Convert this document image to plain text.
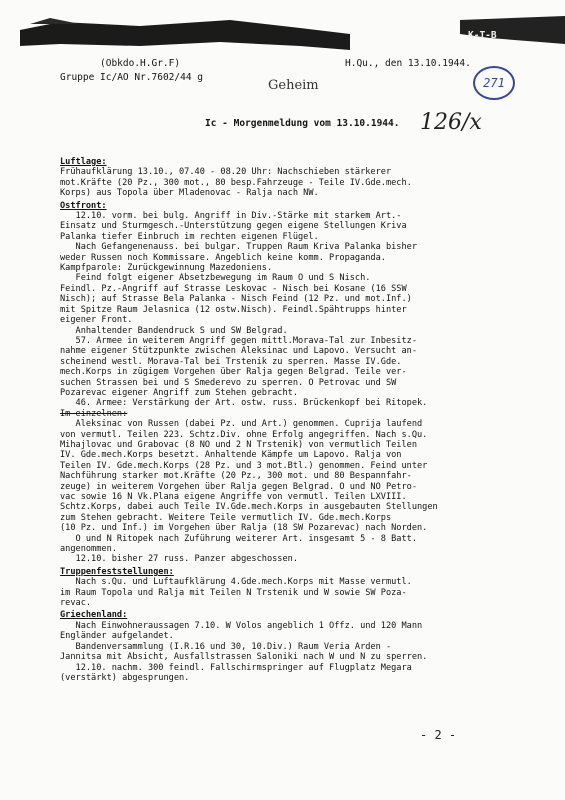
(Obkdo.H.Gr.F)
Gruppe Ic/AO Nr.7602/44 g
H.Qu., den 13.10.1944.
K-T-B
Geheim	271
Ic - Morgenmeldung vom 13.10.1944. 126/x
Luftlage:
Frühaufklärung 13.10., 07.40 - 08.20 Uhr: Nachschieben stärkerer
mot.Kräfte (20 Pz., 300 mot., 80 besp.Fahrzeuge - Teile IV.Gde.mech.
Korps) aus Topola über Mladenovac - Ralja nach NW.
Ostfront:
12.10. vorm. bei bulg. Angriff in Div.-Stärke mit starkem Art.-
Einsatz und Sturmgesch.-Unterstützung gegen eigene Stellungen Kriva
Palanka tiefer Einbruch im rechten eigenen Flügel.
Nach Gefangenenauss. bei bulgar. Truppen Raum Kriva Palanka bisher
weder Russen noch Kommissare. Angeblich keine komm. Propaganda.
Kampfparole: Zurückgewinnung Mazedoniens.
Feind folgt eigener Absetzbewegung im Raum O und S Nisch.
Feindl. Pz.-Angriff auf Strasse Leskovac - Nisch bei Kosane (16 SSW
Nisch); auf Strasse Bela Palanka - Nisch Feind (12 Pz. und mot.Inf.)
mit Spitze Raum Jelasnica (12 ostw.Nisch). Feindl.Spähtrupps hinter
eigener Front.
Anhaltender Bandendruck S und SW Belgrad.
57. Armee in weiterem Angriff gegen mittl.Morava-Tal zur Inbesitz-
nahme eigener Stützpunkte zwischen Aleksinac und Lapovo. Versucht an-
scheinend westl. Morava-Tal bei Trstenik zu sperren. Masse IV.Gde.
mech.Korps in zügigem Vorgehen über Ralja gegen Belgrad. Teile ver-
suchen Strassen bei und S Smederevo zu sperren. O Petrovac und SW
Pozarevac eigener Angriff zum Stehen gebracht.
46. Armee: Verstärkung der Art. ostw. russ. Brückenkopf bei Ritopek.
Im einzelnen:
Aleksinac von Russen (dabei Pz. und Art.) genommen. Cuprija laufend
von vermutl. Teilen 223. Schtz.Div. ohne Erfolg angegriffen. Nach s.Qu.
Mihajlovac und Grabovac (8 NO und 2 N Trstenik) von vermutlich Teilen
IV. Gde.mech.Korps besetzt. Anhaltende Kämpfe um Lapovo. Ralja von
Teilen IV. Gde.mech.Korps (28 Pz. und 3 mot.Btl.) genommen. Feind unter
Nachführung starker mot.Kräfte (20 Pz., 300 mot. und 80 Bespannfahr-
zeuge) in weiterem Vorgehen über Ralja gegen Belgrad. O und NO Petro-
vac sowie 16 N Vk.Plana eigene Angriffe von vermutl. Teilen LXVIII.
Schtz.Korps, dabei auch Teile IV.Gde.mech.Korps in ausgebauten Stellungen
zum Stehen gebracht. Weitere Teile vermutlich IV. Gde.mech.Korps
(10 Pz. und Inf.) im Vorgehen über Ralja (18 SW Pozarevac) nach Norden.
O und N Ritopek nach Zuführung weiterer Art. insgesamt 5 - 8 Batt.
angenommen.
12.10. bisher 27 russ. Panzer abgeschossen.
Truppenfeststellungen:
Nach s.Qu. und Luftaufklärung 4.Gde.mech.Korps mit Masse vermutl.
im Raum Topola und Ralja mit Teilen N Trstenik und W sowie SW Poza-
revac.
Griechenland:
Nach Einwohneraussagen 7.10. W Volos angeblich 1 Offz. und 120 Mann
Engländer aufgelandet.
Bandenversammlung (I.R.16 und 30, 10.Div.) Raum Veria Arden -
Jannitsa mit Absicht, Ausfallstrassen Saloniki nach W und N zu sperren.
12.10. nachm. 300 feindl. Fallschirmspringer auf Flugplatz Megara
(verstärkt) abgesprungen.
- 2 -
